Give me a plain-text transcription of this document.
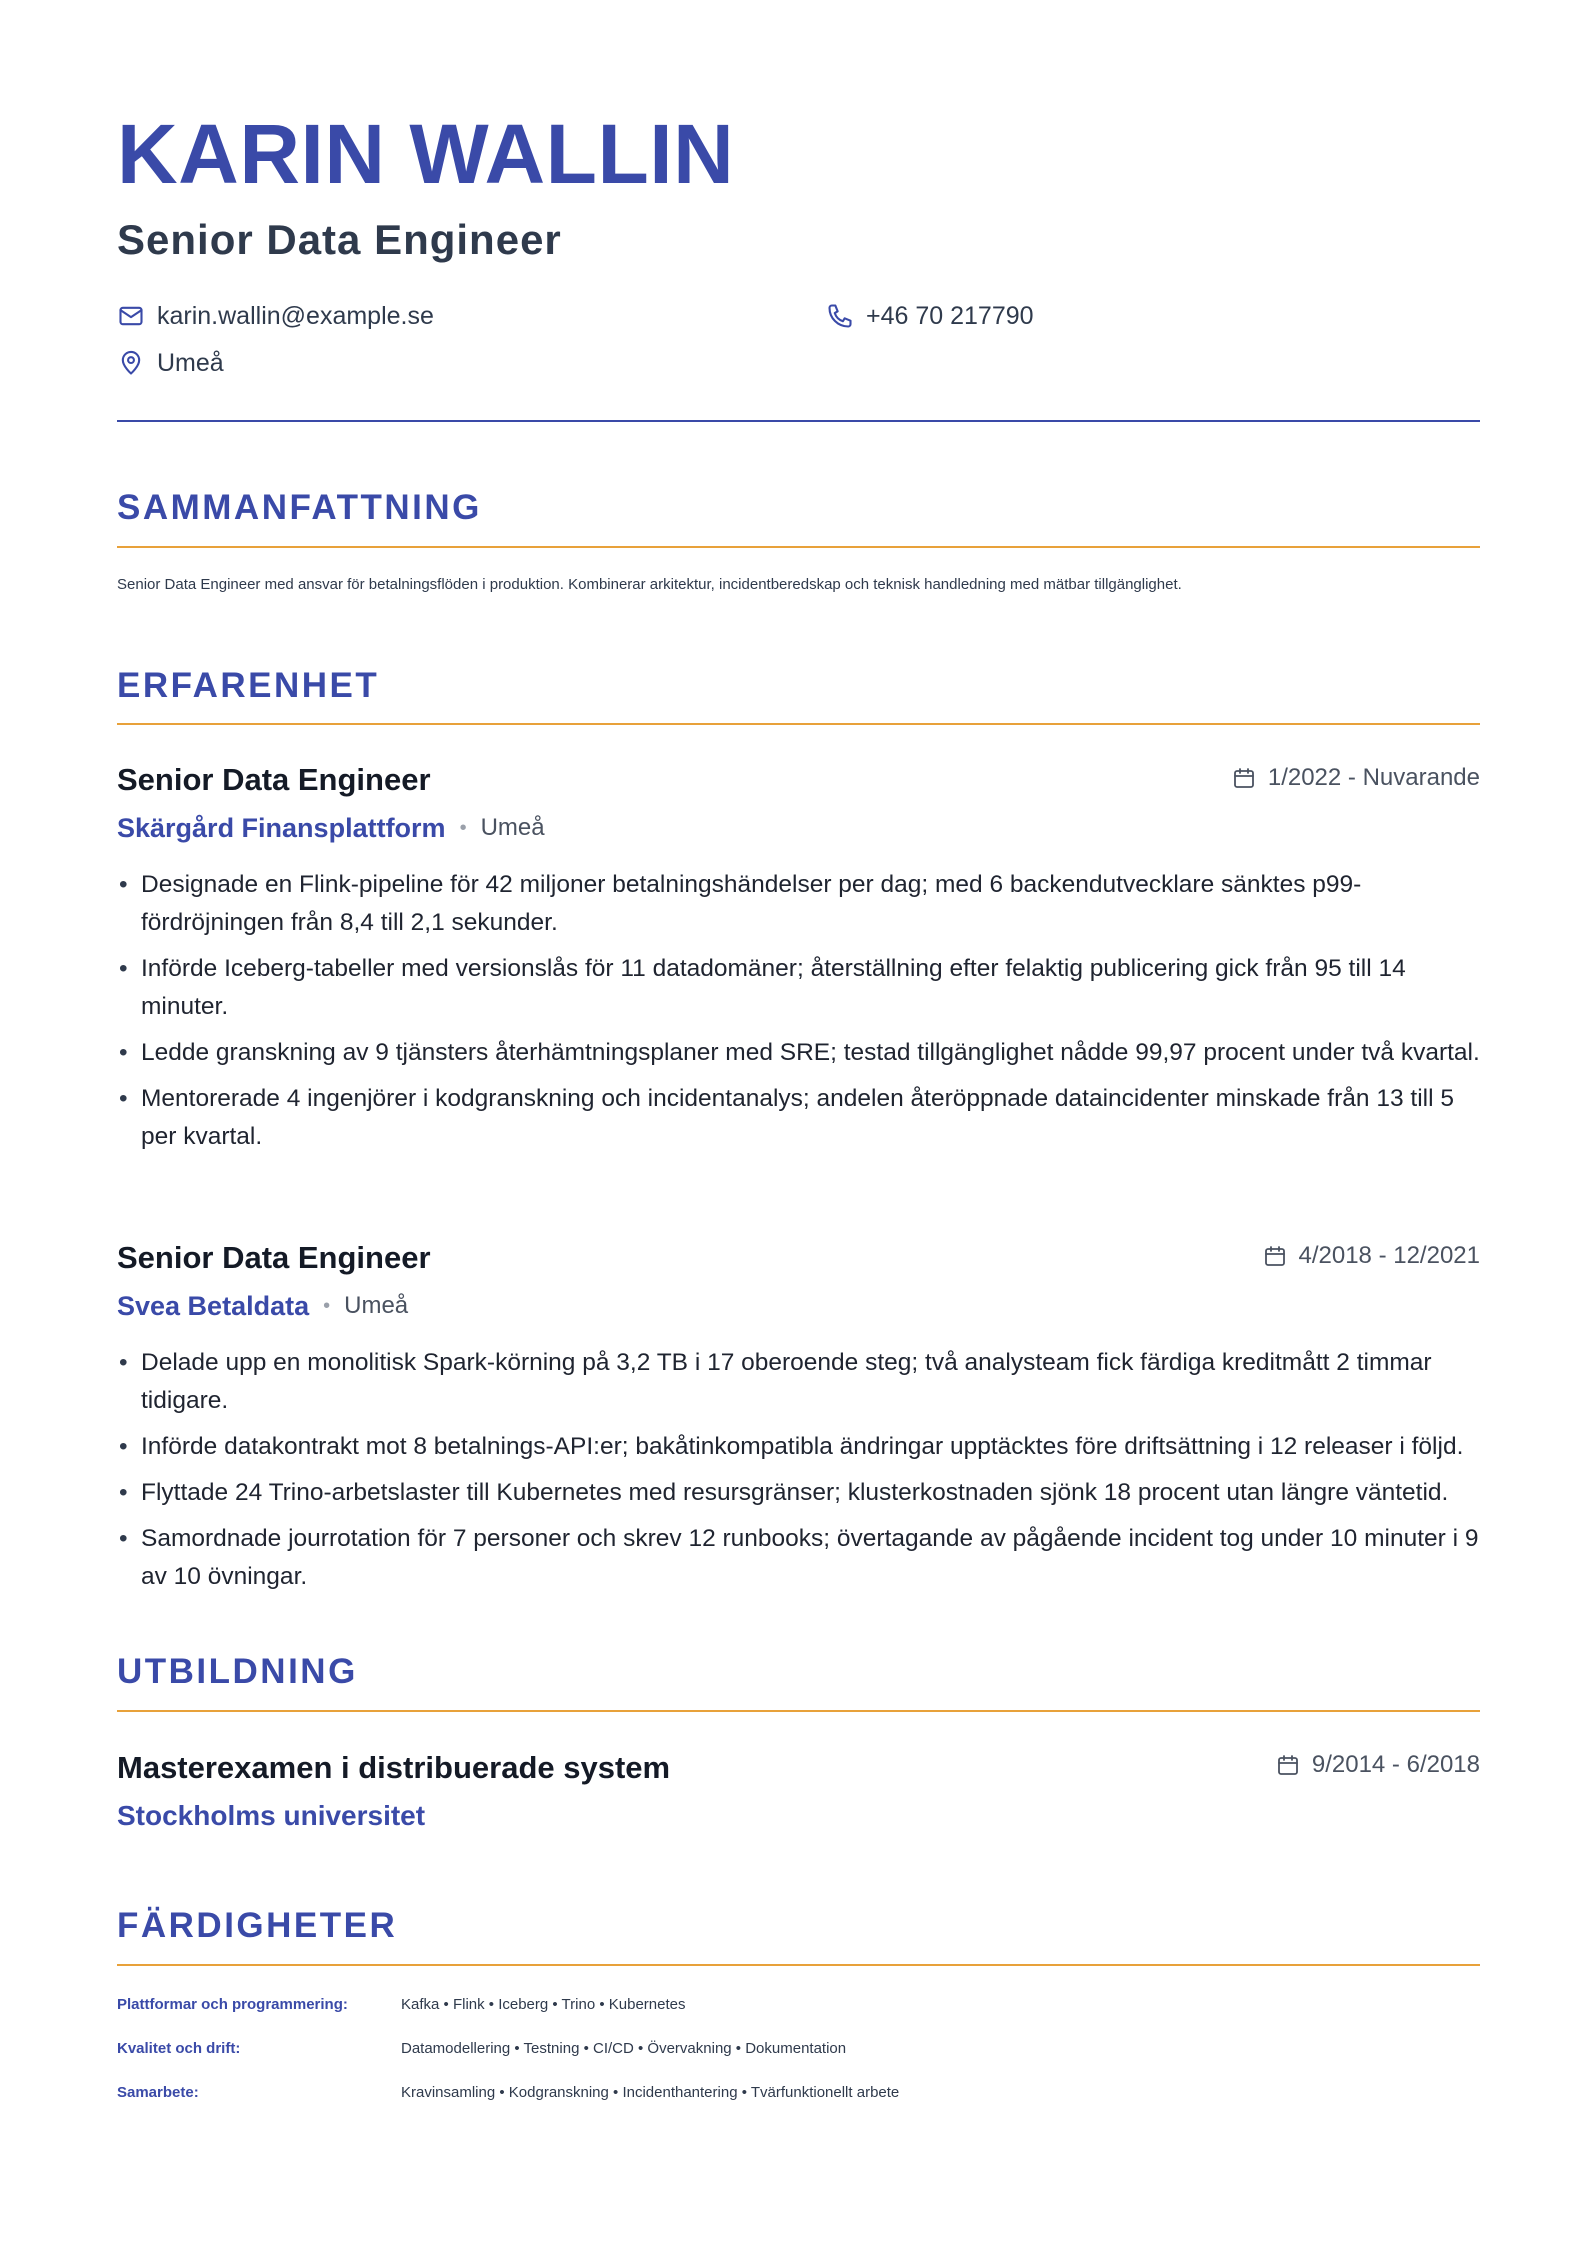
KARIN WALLIN
Senior Data Engineer
karin.wallin@example.se	+46 70 217790
Umeå
SAMMANFATTNING
Senior Data Engineer med ansvar för betalningsflöden i produktion. Kombinerar arkitektur, incidentberedskap och teknisk handledning med mätbar tillgänglighet.
ERFARENHET
Senior Data Engineer	1/2022 - Nuvarande
Skärgård Finansplattform • Umeå
• Designade en Flink-pipeline för 42 miljoner betalningshändelser per dag; med 6 backendutvecklare sänktes p99-fördröjningen från 8,4 till 2,1 sekunder.
• Införde Iceberg-tabeller med versionslås för 11 datadomäner; återställning efter felaktig publicering gick från 95 till 14 minuter.
• Ledde granskning av 9 tjänsters återhämtningsplaner med SRE; testad tillgänglighet nådde 99,97 procent under två kvartal.
• Mentorerade 4 ingenjörer i kodgranskning och incidentanalys; andelen återöppnade dataincidenter minskade från 13 till 5 per kvartal.
Senior Data Engineer	4/2018 - 12/2021
Svea Betaldata • Umeå
• Delade upp en monolitisk Spark-körning på 3,2 TB i 17 oberoende steg; två analysteam fick färdiga kreditmått 2 timmar tidigare.
• Införde datakontrakt mot 8 betalnings-API:er; bakåtinkompatibla ändringar upptäcktes före driftsättning i 12 releaser i följd.
• Flyttade 24 Trino-arbetslaster till Kubernetes med resursgränser; klusterkostnaden sjönk 18 procent utan längre väntetid.
• Samordnade jourrotation för 7 personer och skrev 12 runbooks; övertagande av pågående incident tog under 10 minuter i 9 av 10 övningar.
UTBILDNING
Masterexamen i distribuerade system	9/2014 - 6/2018
Stockholms universitet
FÄRDIGHETER
Plattformar och programmering:	Kafka • Flink • Iceberg • Trino • Kubernetes
Kvalitet och drift:	Datamodellering • Testning • CI/CD • Övervakning • Dokumentation
Samarbete:	Kravinsamling • Kodgranskning • Incidenthantering • Tvärfunktionellt arbete
